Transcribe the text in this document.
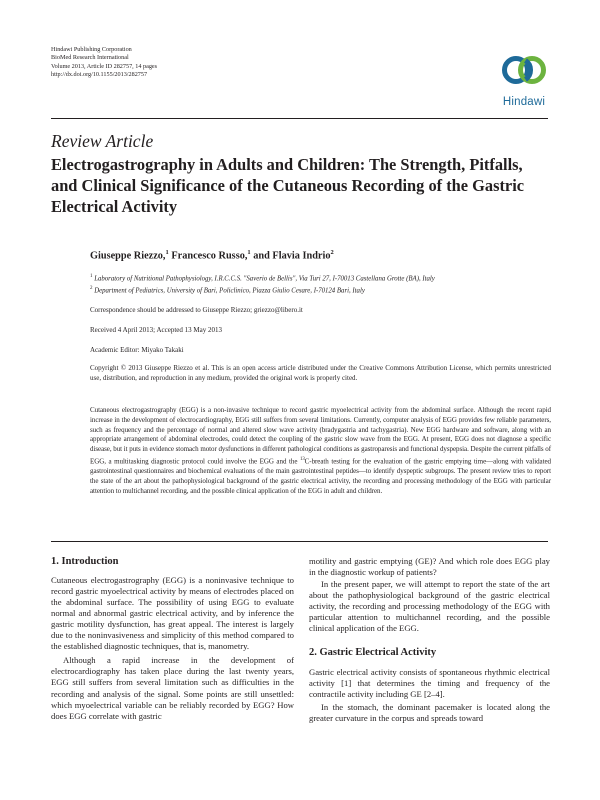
Hindawi Publishing Corporation
BioMed Research International
Volume 2013, Article ID 282757, 14 pages
http://dx.doi.org/10.1155/2013/282757
Hindawi
Review Article
Electrogastrography in Adults and Children: The Strength, Pitfalls, and Clinical Significance of the Cutaneous Recording of the Gastric Electrical Activity
Giuseppe Riezzo,$^1$ Francesco Russo,$^1$ and Flavia Indrio$^2$
$^1$ Laboratory of Nutritional Pathophysiology, I.R.C.C.S. "Saverio de Bellis", Via Turi 27, I-70013 Castellana Grotte (BA), Italy
$^2$ Department of Pediatrics, University of Bari, Policlinico, Piazza Giulio Cesare, I-70124 Bari, Italy
Correspondence should be addressed to Giuseppe Riezzo; griezzo@libero.it
Received 4 April 2013; Accepted 13 May 2013
Academic Editor: Miyako Takaki
Copyright © 2013 Giuseppe Riezzo et al. This is an open access article distributed under the Creative Commons Attribution License, which permits unrestricted use, distribution, and reproduction in any medium, provided the original work is properly cited.
Cutaneous electrogastrography (EGG) is a non-invasive technique to record gastric myoelectrical activity from the abdominal surface. Although the recent rapid increase in the development of electrocardiography, EGG still suffers from several limitations. Currently, computer analysis of EGG provides few reliable parameters, such as frequency and the percentage of normal and altered slow wave activity (bradygastria and tachygastria). New EGG hardware and software, along with an appropriate arrangement of abdominal electrodes, could detect the coupling of the gastric slow wave from the EGG. At present, EGG does not diagnose a specific disease, but it puts in evidence stomach motor dysfunctions in different pathological conditions as gastroparesis and functional dyspepsia. Despite the current pitfalls of EGG, a multitasking diagnostic protocol could involve the EGG and the $^{13}$C-breath testing for the evaluation of the gastric emptying time—along with validated gastrointestinal questionnaires and biochemical evaluations of the main gastrointestinal peptides—to identify dyspeptic subgroups. The present review tries to report the state of the art about the pathophysiological background of the gastric electrical activity, the recording and processing methodology of the EGG with particular attention to multichannel recording, and the possible clinical application of the EGG in adult and children.
1. Introduction

Cutaneous electrogastrography (EGG) is a noninvasive technique to record gastric myoelectrical activity by means of electrodes placed on the abdominal surface. The possibility of using EGG to evaluate normal and abnormal gastric electrical activity, and by inference the gastric motility dysfunction, has great appeal. The interest is largely due to the noninvasiveness and simplicity of this method compared to the established diagnostic techniques, that is, manometry.

Although a rapid increase in the development of electrocardiography has taken place during the last twenty years, EGG still suffers from several limitation such as difficulties in the recording and analysis of the signal. Some points are still unsettled: which myoelectrical variable can be reliably recorded by EGG? How does EGG correlate with gastric

motility and gastric emptying (GE)? And which role does EGG play in the diagnostic workup of patients?

In the present paper, we will attempt to report the state of the art about the pathophysiological background of the gastric electrical activity, the recording and processing methodology of the EGG with particular attention to multichannel recording, and the possible clinical application of the EGG.

2. Gastric Electrical Activity

Gastric electrical activity consists of spontaneous rhythmic electrical activity [1] that determines the timing and frequency of the contractile activity including GE [2–4].

In the stomach, the dominant pacemaker is located along the greater curvature in the corpus and spreads toward
